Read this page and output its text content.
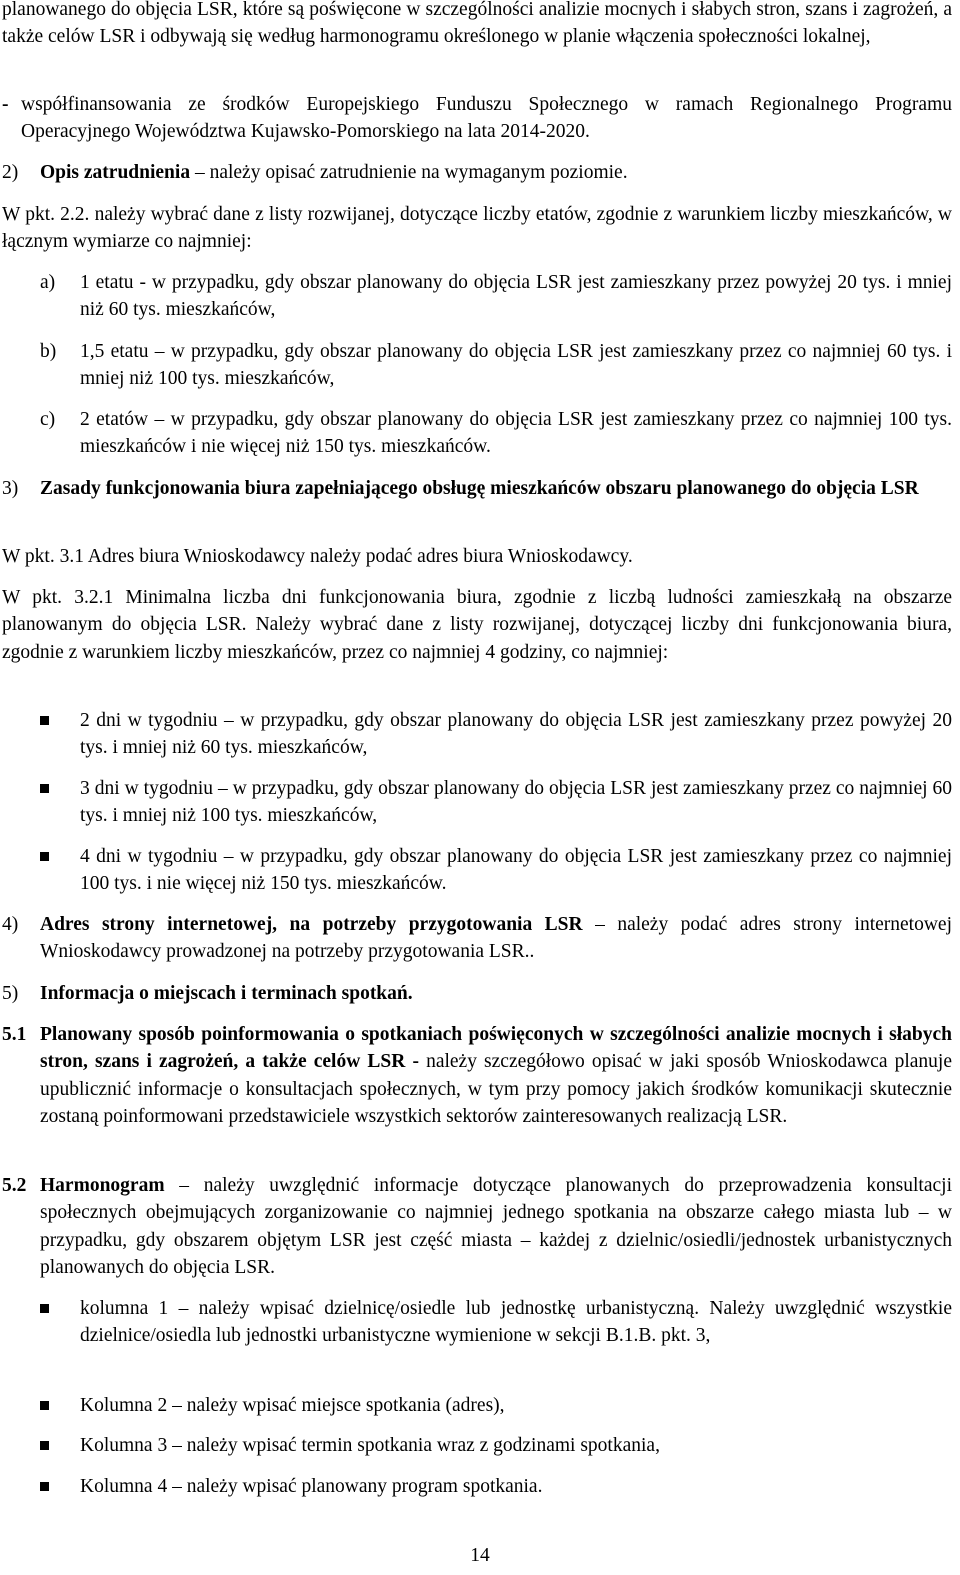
planowanego do objęcia LSR, które są poświęcone w szczególności analizie mocnych i słabych stron, szans i zagrożeń, a także celów LSR i odbywają się według harmonogramu określonego w planie włączenia społeczności lokalnej,
- współfinansowania ze środków Europejskiego Funduszu Społecznego w ramach Regionalnego Programu Operacyjnego Województwa Kujawsko-Pomorskiego na lata 2014-2020.
2) Opis zatrudnienia – należy opisać zatrudnienie na wymaganym poziomie.
W pkt. 2.2. należy wybrać dane z listy rozwijanej, dotyczące liczby etatów, zgodnie z warunkiem liczby mieszkańców, w łącznym wymiarze co najmniej:
a) 1 etatu - w przypadku, gdy obszar planowany do objęcia LSR jest zamieszkany przez powyżej 20 tys. i mniej niż 60 tys. mieszkańców,
b) 1,5 etatu – w przypadku, gdy obszar planowany do objęcia LSR jest zamieszkany przez co najmniej 60 tys. i mniej niż 100 tys. mieszkańców,
c) 2 etatów – w przypadku, gdy obszar planowany do objęcia LSR jest zamieszkany przez co najmniej 100 tys. mieszkańców i nie więcej niż 150 tys. mieszkańców.
3) Zasady funkcjonowania biura zapełniającego obsługę mieszkańców obszaru planowanego do objęcia LSR
W pkt. 3.1 Adres biura Wnioskodawcy należy podać adres biura Wnioskodawcy.
W pkt. 3.2.1 Minimalna liczba dni funkcjonowania biura, zgodnie z liczbą ludności zamieszkałą na obszarze planowanym do objęcia LSR. Należy wybrać dane z listy rozwijanej, dotyczącej liczby dni funkcjonowania biura, zgodnie z warunkiem liczby mieszkańców, przez co najmniej 4 godziny, co najmniej:
2 dni w tygodniu – w przypadku, gdy obszar planowany do objęcia LSR jest zamieszkany przez powyżej 20 tys. i mniej niż 60 tys. mieszkańców,
3 dni w tygodniu – w przypadku, gdy obszar planowany do objęcia LSR jest zamieszkany przez co najmniej 60 tys. i mniej niż 100 tys. mieszkańców,
4 dni w tygodniu – w przypadku, gdy obszar planowany do objęcia LSR jest zamieszkany przez co najmniej 100 tys. i nie więcej niż 150 tys. mieszkańców.
4) Adres strony internetowej, na potrzeby przygotowania LSR – należy podać adres strony internetowej Wnioskodawcy prowadzonej na potrzeby przygotowania LSR..
5) Informacja o miejscach i terminach spotkań.
5.1 Planowany sposób poinformowania o spotkaniach poświęconych w szczególności analizie mocnych i słabych stron, szans i zagrożeń, a także celów LSR - należy szczegółowo opisać w jaki sposób Wnioskodawca planuje upublicznić informacje o konsultacjach społecznych, w tym przy pomocy jakich środków komunikacji skutecznie zostaną poinformowani przedstawiciele wszystkich sektorów zainteresowanych realizacją LSR.
5.2 Harmonogram – należy uwzględnić informacje dotyczące planowanych do przeprowadzenia konsultacji społecznych obejmujących zorganizowanie co najmniej jednego spotkania na obszarze całego miasta lub – w przypadku, gdy obszarem objętym LSR jest część miasta – każdej z dzielnic/osiedli/jednostek urbanistycznych planowanych do objęcia LSR.
kolumna 1 – należy wpisać dzielnicę/osiedle lub jednostkę urbanistyczną. Należy uwzględnić wszystkie dzielnice/osiedla lub jednostki urbanistyczne wymienione w sekcji B.1.B. pkt. 3,
Kolumna 2 – należy wpisać miejsce spotkania (adres),
Kolumna 3 – należy wpisać termin spotkania wraz z godzinami spotkania,
Kolumna 4 – należy wpisać planowany program spotkania.
14
